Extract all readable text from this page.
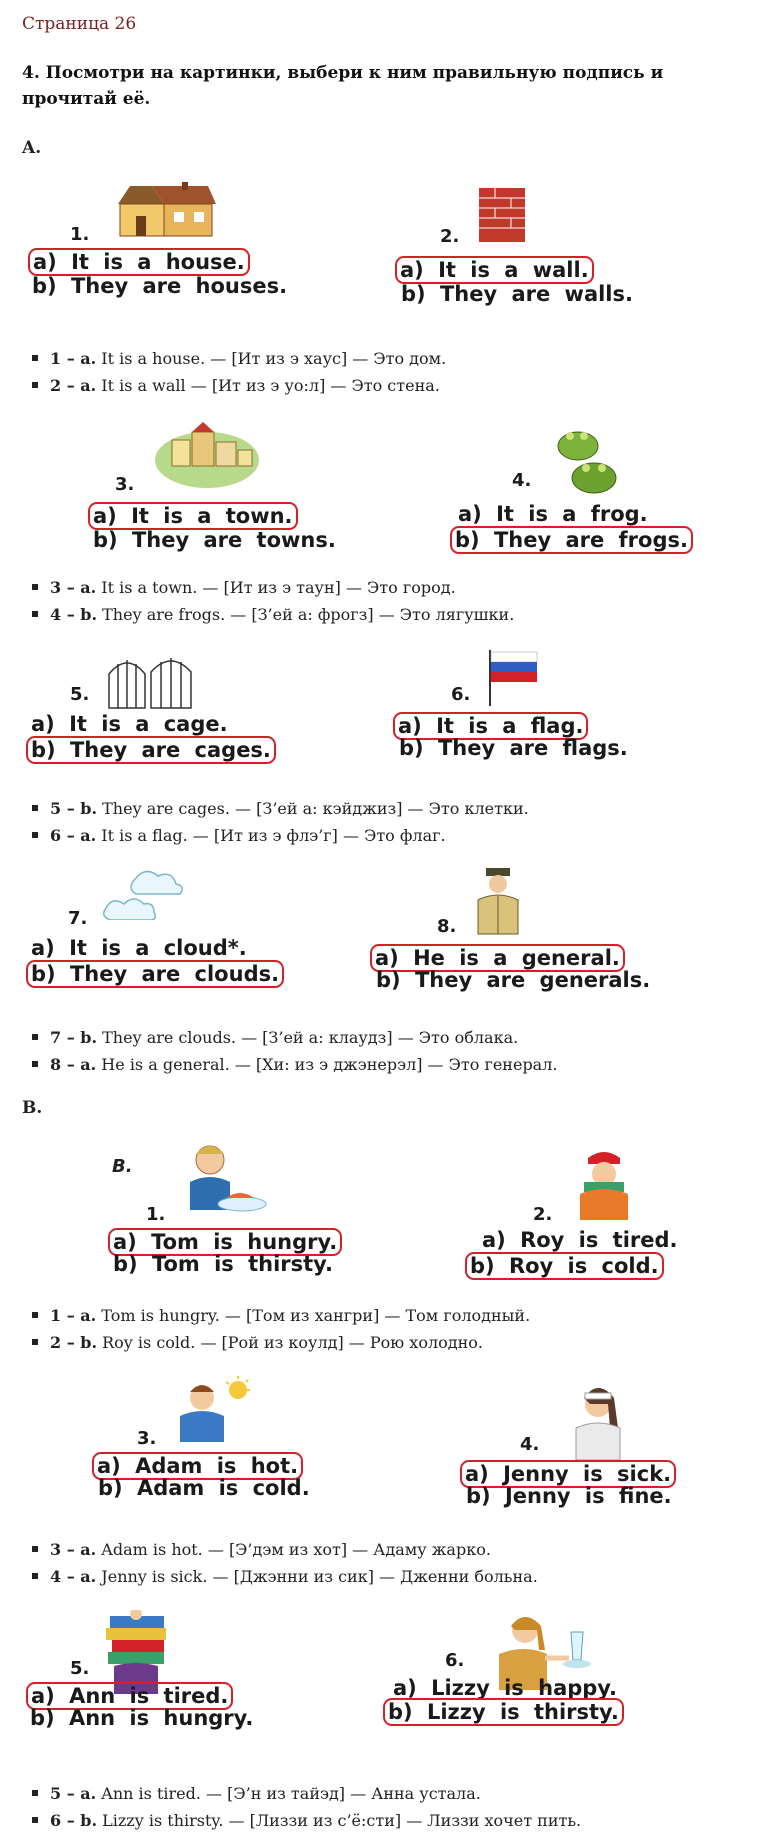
Страница 26
4. Посмотри на картинки, выбери к ним правильную подпись и прочитай её.
A.
1.
a) It is a house.
b) They are houses.
2.
a) It is a wall.
b) They are walls.
1 – a. It is a house. — [Ит из э хаус] — Это дом.
2 – a. It is a wall — [Ит из э уо:л] — Это стена.
3.
a) It is a town.
b) They are towns.
4.
a) It is a frog.
b) They are frogs.
3 – a. It is a town. — [Ит из э таун] — Это город.
4 – b. They are frogs. — [З’ей а: фрогз] — Это лягушки.
5.
a) It is a cage.
b) They are cages.
6.
a) It is a flag.
b) They are flags.
5 – b. They are cages. — [З’ей а: кэйджиз] — Это клетки.
6 – a. It is a flag. — [Ит из э флэ’г] — Это флаг.
7.
a) It is a cloud*.
b) They are clouds.
8.
a) He is a general.
b) They are generals.
7 – b. They are clouds. — [З’ей а: клаудз] — Это облака.
8 – a. He is a general. — [Хи: из э джэнерэл] — Это генерал.
B.
B.
1.
a) Tom is hungry.
b) Tom is thirsty.
2.
a) Roy is tired.
b) Roy is cold.
1 – a. Tom is hungry. — [Том из хангри] — Том голодный.
2 – b. Roy is cold. — [Рой из коулд] — Рою холодно.
3.
a) Adam is hot.
b) Adam is cold.
4.
a) Jenny is sick.
b) Jenny is fine.
3 – a. Adam is hot. — [Э’дэм из хот] — Адаму жарко.
4 – a. Jenny is sick. — [Джэнни из сик] — Дженни больна.
5.
a) Ann is tired.
b) Ann is hungry.
6.
a) Lizzy is happy.
b) Lizzy is thirsty.
5 – a. Ann is tired. — [Э’н из тайэд] — Анна устала.
6 – b. Lizzy is thirsty. — [Лиззи из с’ё:сти] — Лиззи хочет пить.
